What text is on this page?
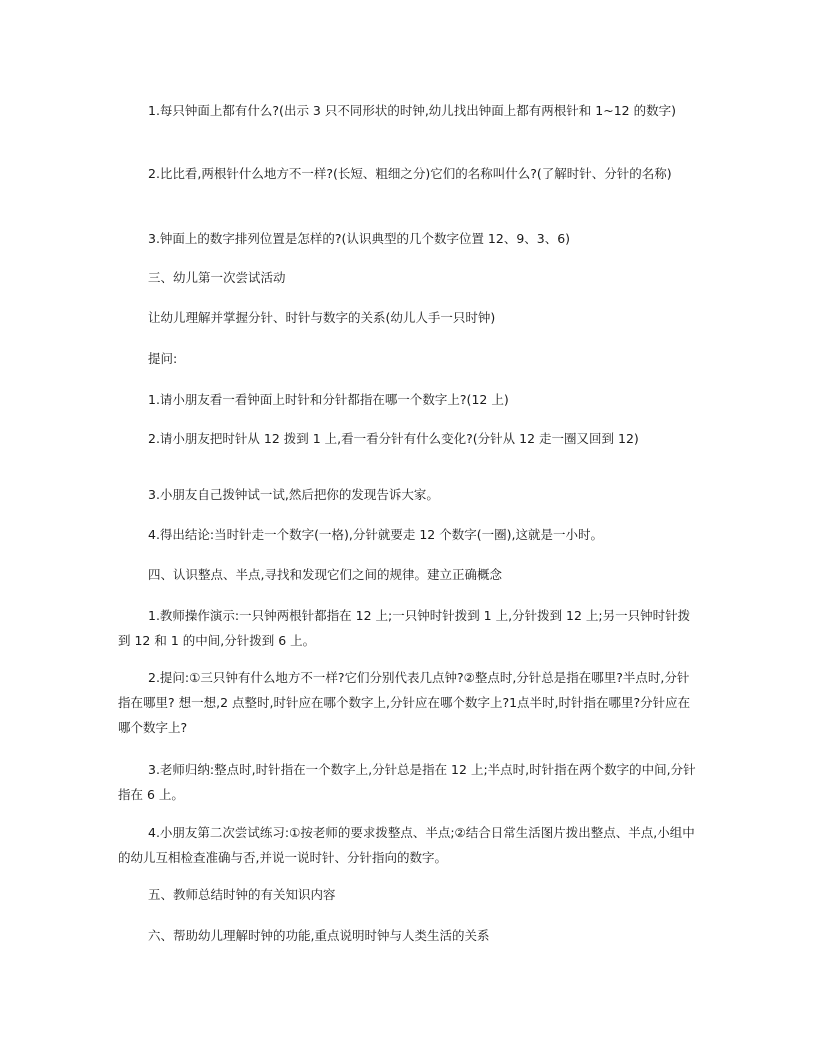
1.每只钟面上都有什么?(出示 3 只不同形状的时钟,幼儿找出钟面上都有两根针和 1~12 的数字)

2.比比看,两根针什么地方不一样?(长短、粗细之分)它们的名称叫什么?(了解时针、分针的名称)

3.钟面上的数字排列位置是怎样的?(认识典型的几个数字位置 12、9、3、6)

三、幼儿第一次尝试活动

让幼儿理解并掌握分针、时针与数字的关系(幼儿人手一只时钟)

提问:

1.请小朋友看一看钟面上时针和分针都指在哪一个数字上?(12 上)

2.请小朋友把时针从 12 拨到 1 上,看一看分针有什么变化?(分针从 12 走一圈又回到 12)

3.小朋友自己拨钟试一试,然后把你的发现告诉大家。

4.得出结论:当时针走一个数字(一格),分针就要走 12 个数字(一圈),这就是一小时。

四、认识整点、半点,寻找和发现它们之间的规律。建立正确概念

1.教师操作演示:一只钟两根针都指在 12 上;一只钟时针拨到 1 上,分针拨到 12 上;另一只钟时针拨到 12 和 1 的中间,分针拨到 6 上。

2.提问:①三只钟有什么地方不一样?它们分别代表几点钟?②整点时,分针总是指在哪里?半点时,分针指在哪里? 想一想,2 点整时,时针应在哪个数字上,分针应在哪个数字上?1点半时,时针指在哪里?分针应在哪个数字上?

3.老师归纳:整点时,时针指在一个数字上,分针总是指在 12 上;半点时,时针指在两个数字的中间,分针指在 6 上。

4.小朋友第二次尝试练习:①按老师的要求拨整点、半点;②结合日常生活图片拨出整点、半点,小组中的幼儿互相检查准确与否,并说一说时针、分针指向的数字。

五、教师总结时钟的有关知识内容

六、帮助幼儿理解时钟的功能,重点说明时钟与人类生活的关系
